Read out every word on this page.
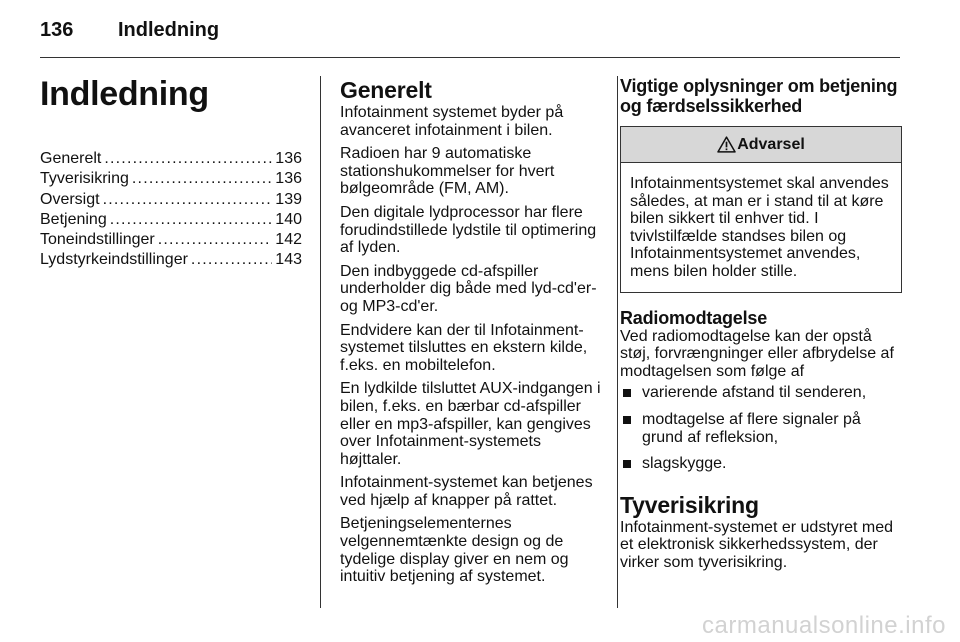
136 Indledning
Indledning
Generelt .....	136
Tyverisikring .....	136
Oversigt .....	139
Betjening .....	140
Toneindstillinger .....	142
Lydstyrkeindstillinger .....	143
Generelt

Infotainment systemet byder på avanceret infotainment i bilen.

Radioen har 9 automatiske stationshukommelser for hvert bølgeområde (FM, AM).

Den digitale lydprocessor har flere forudindstillede lydstile til optimering af lyden.

Den indbyggede cd-afspiller underholder dig både med lyd-cd'er- og MP3-cd'er.

Endvidere kan der til Infotainment-systemet tilsluttes en ekstern kilde, f.eks. en mobiltelefon.

En lydkilde tilsluttet AUX-indgangen i bilen, f.eks. en bærbar cd-afspiller eller en mp3-afspiller, kan gengives over Infotainment-systemets højttaler.

Infotainment-systemet kan betjenes ved hjælp af knapper på rattet.

Betjeningselementernes velgennemtænkte design og de tydelige display giver en nem og intuitiv betjening af systemet.

Vigtige oplysninger om betjening og færdselssikkerhed
Advarsel
Infotainmentsystemet skal anvendes således, at man er i stand til at køre bilen sikkert til enhver tid. I tvivlstilfælde standses bilen og Infotainmentsystemet anvendes, mens bilen holder stille.
Radiomodtagelse

Ved radiomodtagelse kan der opstå støj, forvrængninger eller afbrydelse af modtagelsen som følge af

varierende afstand til senderen,
modtagelse af flere signaler på grund af refleksion,
slagskygge.
Tyverisikring

Infotainment-systemet er udstyret med et elektronisk sikkerhedssystem, der virker som tyverisikring.

carmanualsonline.info
